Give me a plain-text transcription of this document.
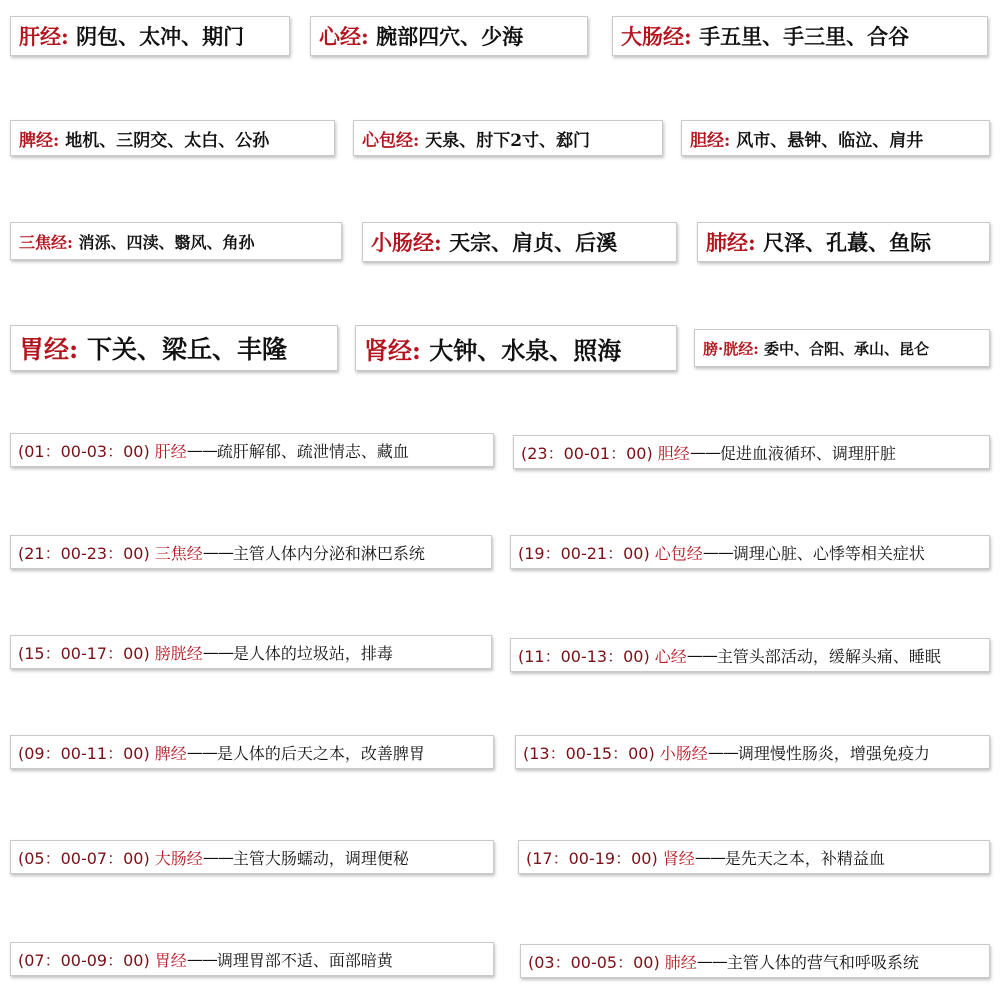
肝经:
阴包、太冲、期门	心经:
腕部四穴、少海	大肠经:
手五里、手三里、合谷
脾经:
地机、三阴交、太白、公孙	心包经:
天泉、肘下2寸、郄门	胆经:
风市、悬钟、临泣、肩井
三焦经:
消泺、四渎、翳风、角孙	小肠经:
天宗、肩贞、后溪	肺经:
尺泽、孔蕞、鱼际
胃经:
下关、梁丘、丰隆	肾经:
大钟、水泉、照海	膀·胱经:
委中、合阳、承山、昆仑
(01：00-03：00)
肝经 —— 疏肝解郁、疏泄情志、藏血	(23：00-01：00)
胆经 —— 促进血液循环、调理肝脏
(21：00-23：00)
三焦经 —— 主管人体内分泌和淋巴系统	(19：00-21：00)
心包经 —— 调理心脏、心悸等相关症状
(15：00-17：00)
膀胱经 —— 是人体的垃圾站，排毒	(11：00-13：00)
心经 —— 主管头部活动，缓解头痛、睡眠
(09：00-11：00)
脾经 —— 是人体的后天之本，改善脾胃	(13：00-15：00)
小肠经 —— 调理慢性肠炎，增强免疫力
(05：00-07：00)
大肠经 —— 主管大肠蠕动，调理便秘	(17：00-19：00)
肾经 —— 是先天之本，补精益血
(07：00-09：00)
胃经 —— 调理胃部不适、面部暗黄	(03：00-05：00)
肺经 —— 主管人体的营气和呼吸系统
